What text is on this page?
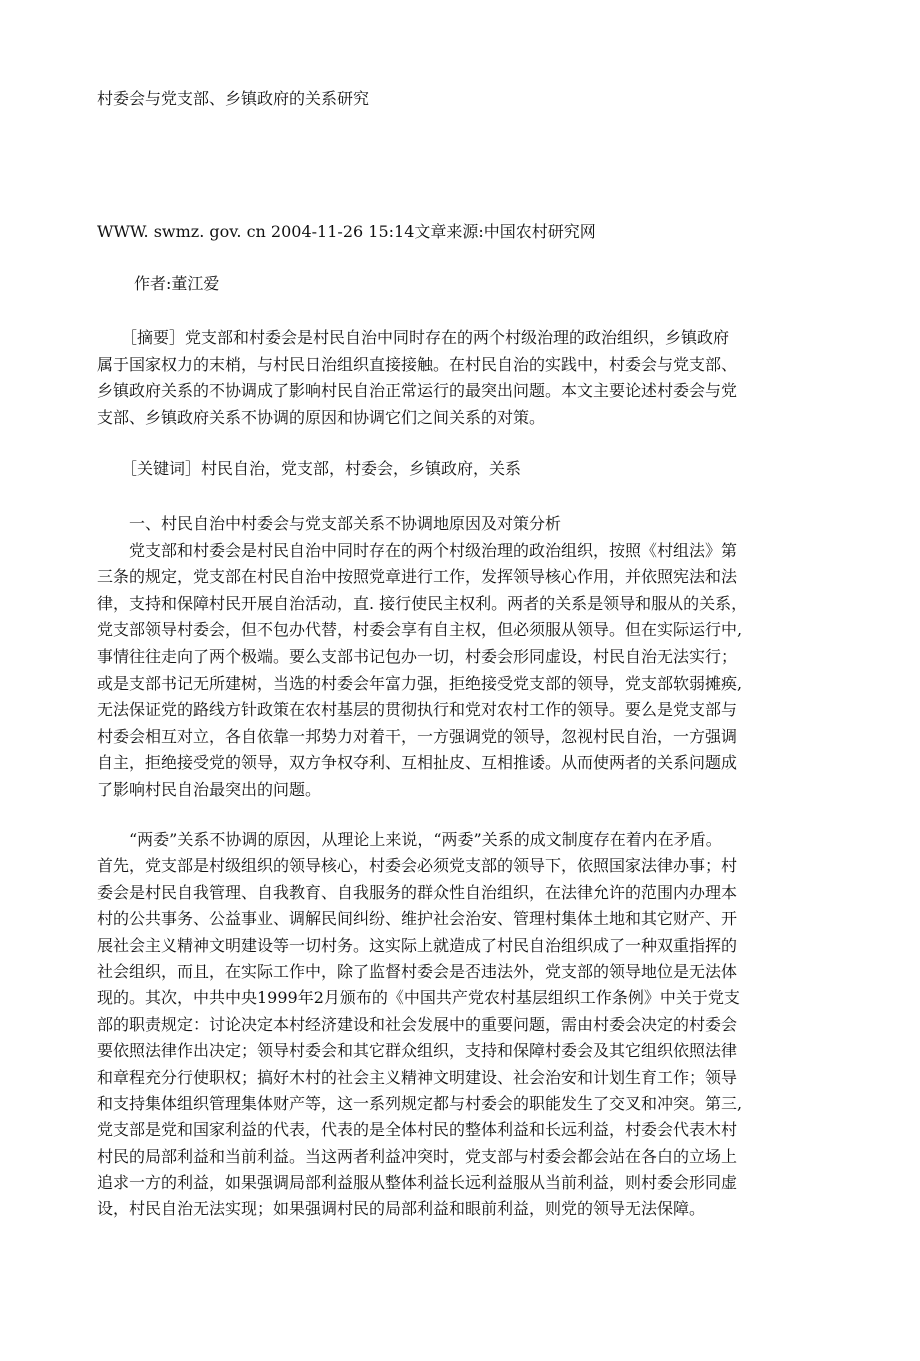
村委会与党支部、乡镇政府的关系研究
WWW. swmz. gov. cn 2004-11-26 15:14文章来源:中国农村研究网
作者:董江爱
　　［摘要］党支部和村委会是村民自治中同时存在的两个村级治理的政治组织，乡镇政府
属于国家权力的末梢，与村民日治组织直接接触。在村民自治的实践中，村委会与党支部、
乡镇政府关系的不协调成了影响村民自治正常运行的最突出问题。本文主要论述村委会与党
支部、乡镇政府关系不协调的原因和协调它们之间关系的对策。
　　［关键词］村民自治，党支部，村委会，乡镇政府，关系
　　一、村民自治中村委会与党支部关系不协调地原因及对策分析
　　党支部和村委会是村民自治中同时存在的两个村级治理的政治组织，按照《村组法》第
三条的规定，党支部在村民自治中按照党章进行工作，发挥领导核心作用，并依照宪法和法
律，支持和保障村民开展自治活动，直. 接行使民主权利。两者的关系是领导和服从的关系，
党支部领导村委会，但不包办代替，村委会享有自主权，但必须服从领导。但在实际运行中,
事情往往走向了两个极端。要么支部书记包办一切，村委会形同虚设，村民自治无法实行；
或是支部书记无所建树，当选的村委会年富力强，拒绝接受党支部的领导，党支部软弱摊痪,
无法保证党的路线方针政策在农村基层的贯彻执行和党对农村工作的领导。要么是党支部与
村委会相互对立，各自依靠一邦势力对着干，一方强调党的领导，忽视村民自治，一方强调
自主，拒绝接受党的领导，双方争权夺利、互相扯皮、互相推诿。从而使两者的关系问题成
了影响村民自治最突出的问题。
　　“两委”关系不协调的原因，从理论上来说，“两委”关系的成文制度存在着内在矛盾。
首先，党支部是村级组织的领导核心，村委会必须党支部的领导下，依照国家法律办事；村
委会是村民自我管理、自我教育、自我服务的群众性自治组织，在法律允许的范围内办理本
村的公共事务、公益事业、调解民间纠纷、维护社会治安、管理村集体土地和其它财产、开
展社会主义精神文明建设等一切村务。这实际上就造成了村民自治组织成了一种双重指挥的
社会组织，而且，在实际工作中，除了监督村委会是否违法外，党支部的领导地位是无法体
现的。其次，中共中央1999年2月颁布的《中国共产党农村基层组织工作条例》中关于党支
部的职责规定：讨论决定本村经济建设和社会发展中的重要问题，需由村委会决定的村委会
要依照法律作出决定；领导村委会和其它群众组织，支持和保障村委会及其它组织依照法律
和章程充分行使职权；搞好木村的社会主义精神文明建设、社会治安和计划生育工作；领导
和支持集体组织管理集体财产等，这一系列规定都与村委会的职能发生了交叉和冲突。第三,
党支部是党和国家利益的代表，代表的是全体村民的整体利益和长远利益，村委会代表木村
村民的局部利益和当前利益。当这两者利益冲突时，党支部与村委会都会站在各白的立场上
追求一方的利益，如果强调局部利益服从整体利益长远利益服从当前利益，则村委会形同虚
设，村民自治无法实现；如果强调村民的局部利益和眼前利益，则党的领导无法保障。
